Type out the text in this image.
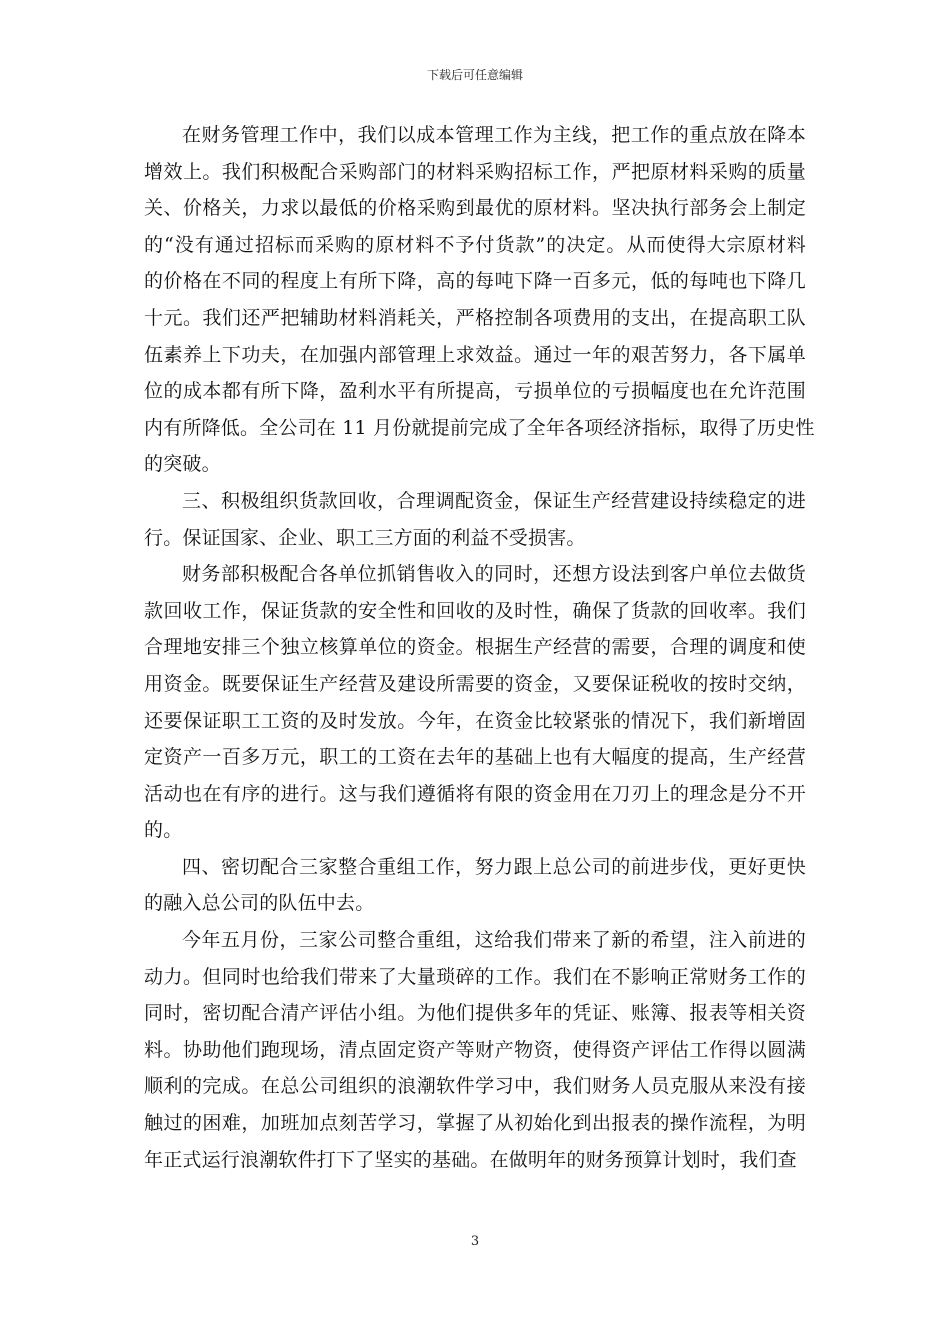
下载后可任意编辑
在财务管理工作中，我们以成本管理工作为主线，把工作的重点放在降本
增效上。我们积极配合采购部门的材料采购招标工作，严把原材料采购的质量
关、价格关，力求以最低的价格采购到最优的原材料。坚决执行部务会上制定
的“没有通过招标而采购的原材料不予付货款”的决定。从而使得大宗原材料
的价格在不同的程度上有所下降，高的每吨下降一百多元，低的每吨也下降几
十元。我们还严把辅助材料消耗关，严格控制各项费用的支出，在提高职工队
伍素养上下功夫，在加强内部管理上求效益。通过一年的艰苦努力，各下属单
位的成本都有所下降，盈利水平有所提高，亏损单位的亏损幅度也在允许范围
内有所降低。全公司在 11 月份就提前完成了全年各项经济指标，取得了历史性
的突破。
三、积极组织货款回收，合理调配资金，保证生产经营建设持续稳定的进
行。保证国家、企业、职工三方面的利益不受损害。
财务部积极配合各单位抓销售收入的同时，还想方设法到客户单位去做货
款回收工作，保证货款的安全性和回收的及时性，确保了货款的回收率。我们
合理地安排三个独立核算单位的资金。根据生产经营的需要，合理的调度和使
用资金。既要保证生产经营及建设所需要的资金，又要保证税收的按时交纳，
还要保证职工工资的及时发放。今年，在资金比较紧张的情况下，我们新增固
定资产一百多万元，职工的工资在去年的基础上也有大幅度的提高，生产经营
活动也在有序的进行。这与我们遵循将有限的资金用在刀刃上的理念是分不开
的。
四、密切配合三家整合重组工作，努力跟上总公司的前进步伐，更好更快
的融入总公司的队伍中去。
今年五月份，三家公司整合重组，这给我们带来了新的希望，注入前进的
动力。但同时也给我们带来了大量琐碎的工作。我们在不影响正常财务工作的
同时，密切配合清产评估小组。为他们提供多年的凭证、账簿、报表等相关资
料。协助他们跑现场，清点固定资产等财产物资，使得资产评估工作得以圆满
顺利的完成。在总公司组织的浪潮软件学习中，我们财务人员克服从来没有接
触过的困难，加班加点刻苦学习，掌握了从初始化到出报表的操作流程，为明
年正式运行浪潮软件打下了坚实的基础。在做明年的财务预算计划时，我们查
3
